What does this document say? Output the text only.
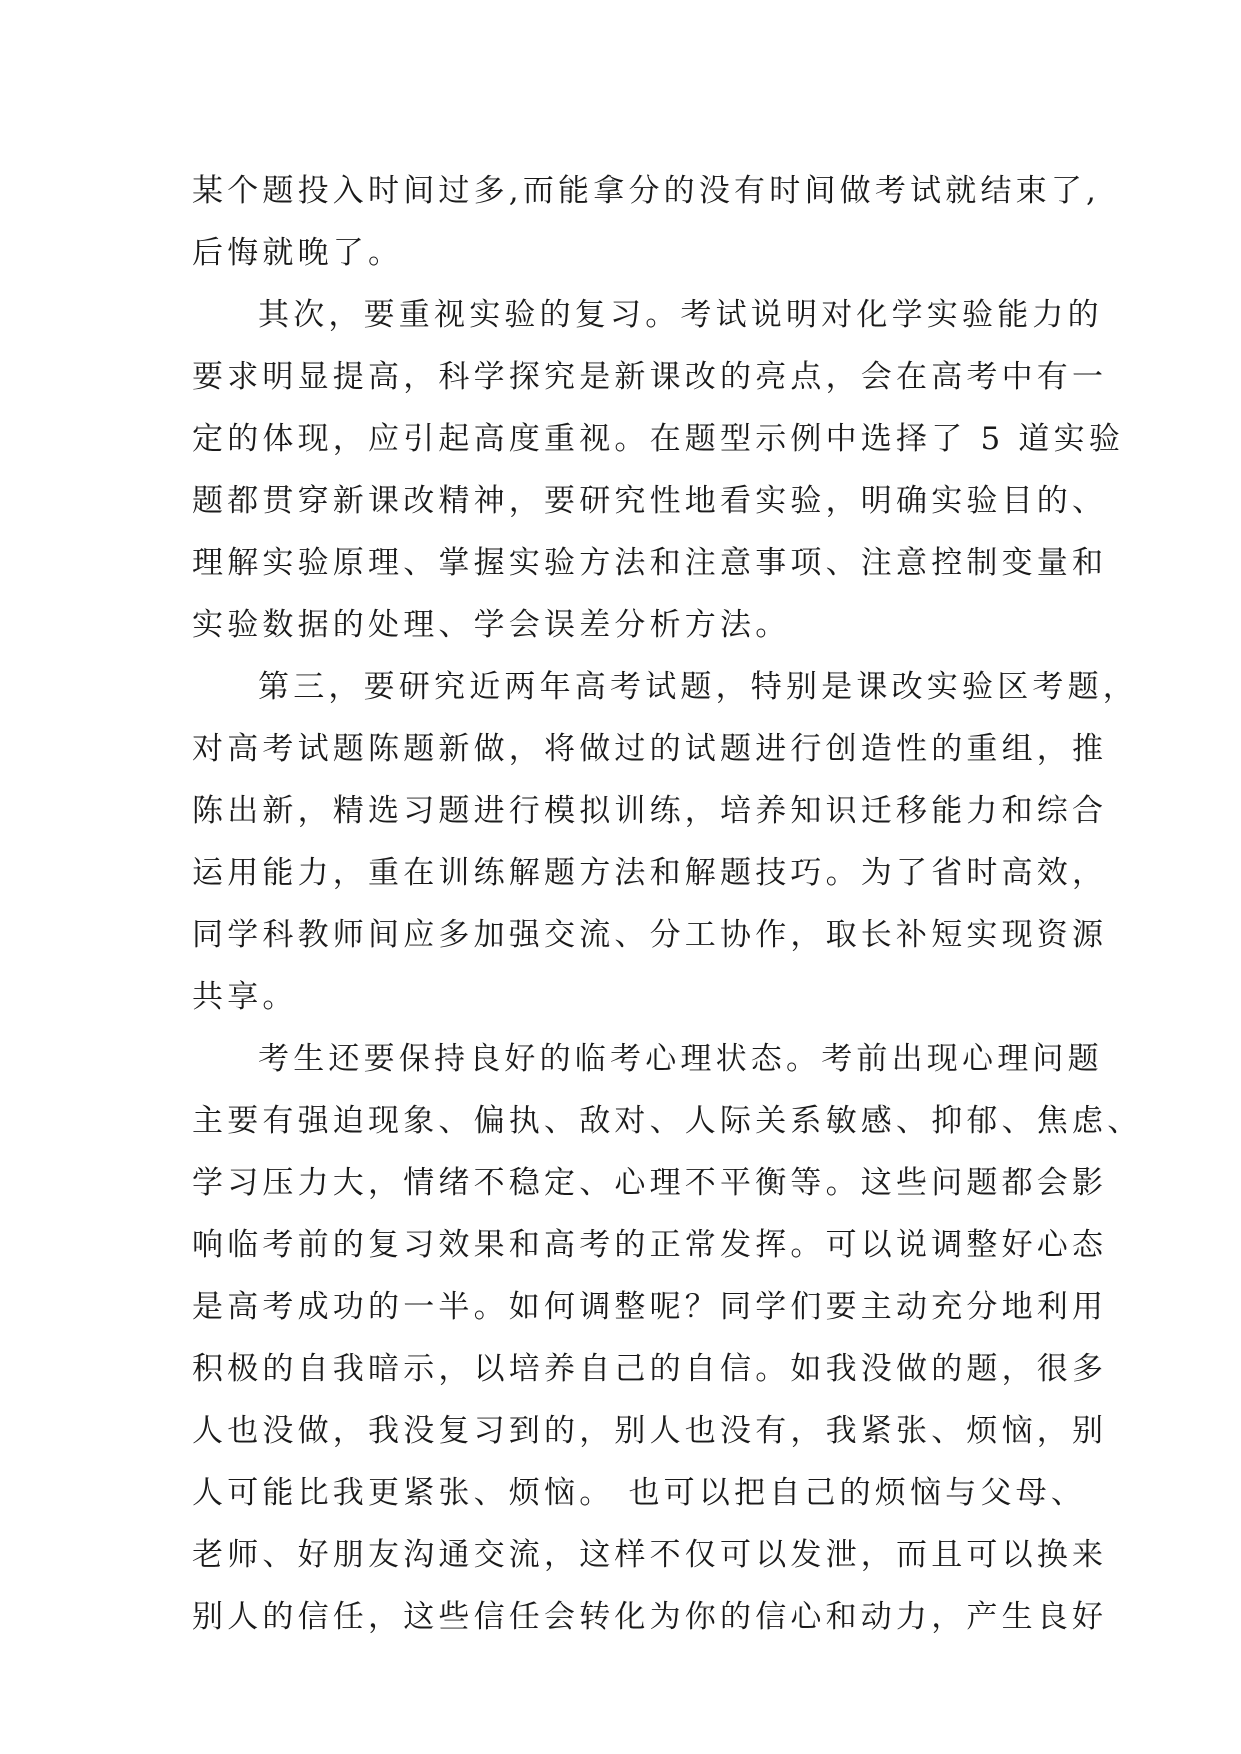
某个题投入时间过多,而能拿分的没有时间做考试就结束了,
后悔就晚了。
其次，要重视实验的复习。考试说明对化学实验能力的
要求明显提高，科学探究是新课改的亮点，会在高考中有一
定的体现，应引起高度重视。在题型示例中选择了 5 道实验
题都贯穿新课改精神，要研究性地看实验，明确实验目的、
理解实验原理、掌握实验方法和注意事项、注意控制变量和
实验数据的处理、学会误差分析方法。
第三，要研究近两年高考试题，特别是课改实验区考题，
对高考试题陈题新做，将做过的试题进行创造性的重组，推
陈出新，精选习题进行模拟训练，培养知识迁移能力和综合
运用能力，重在训练解题方法和解题技巧。为了省时高效，
同学科教师间应多加强交流、分工协作，取长补短实现资源
共享。
考生还要保持良好的临考心理状态。考前出现心理问题
主要有强迫现象、偏执、敌对、人际关系敏感、抑郁、焦虑、
学习压力大，情绪不稳定、心理不平衡等。这些问题都会影
响临考前的复习效果和高考的正常发挥。可以说调整好心态
是高考成功的一半。如何调整呢？同学们要主动充分地利用
积极的自我暗示，以培养自己的自信。如我没做的题，很多
人也没做，我没复习到的，别人也没有，我紧张、烦恼，别
人可能比我更紧张、烦恼。 也可以把自己的烦恼与父母、
老师、好朋友沟通交流，这样不仅可以发泄，而且可以换来
别人的信任，这些信任会转化为你的信心和动力，产生良好
